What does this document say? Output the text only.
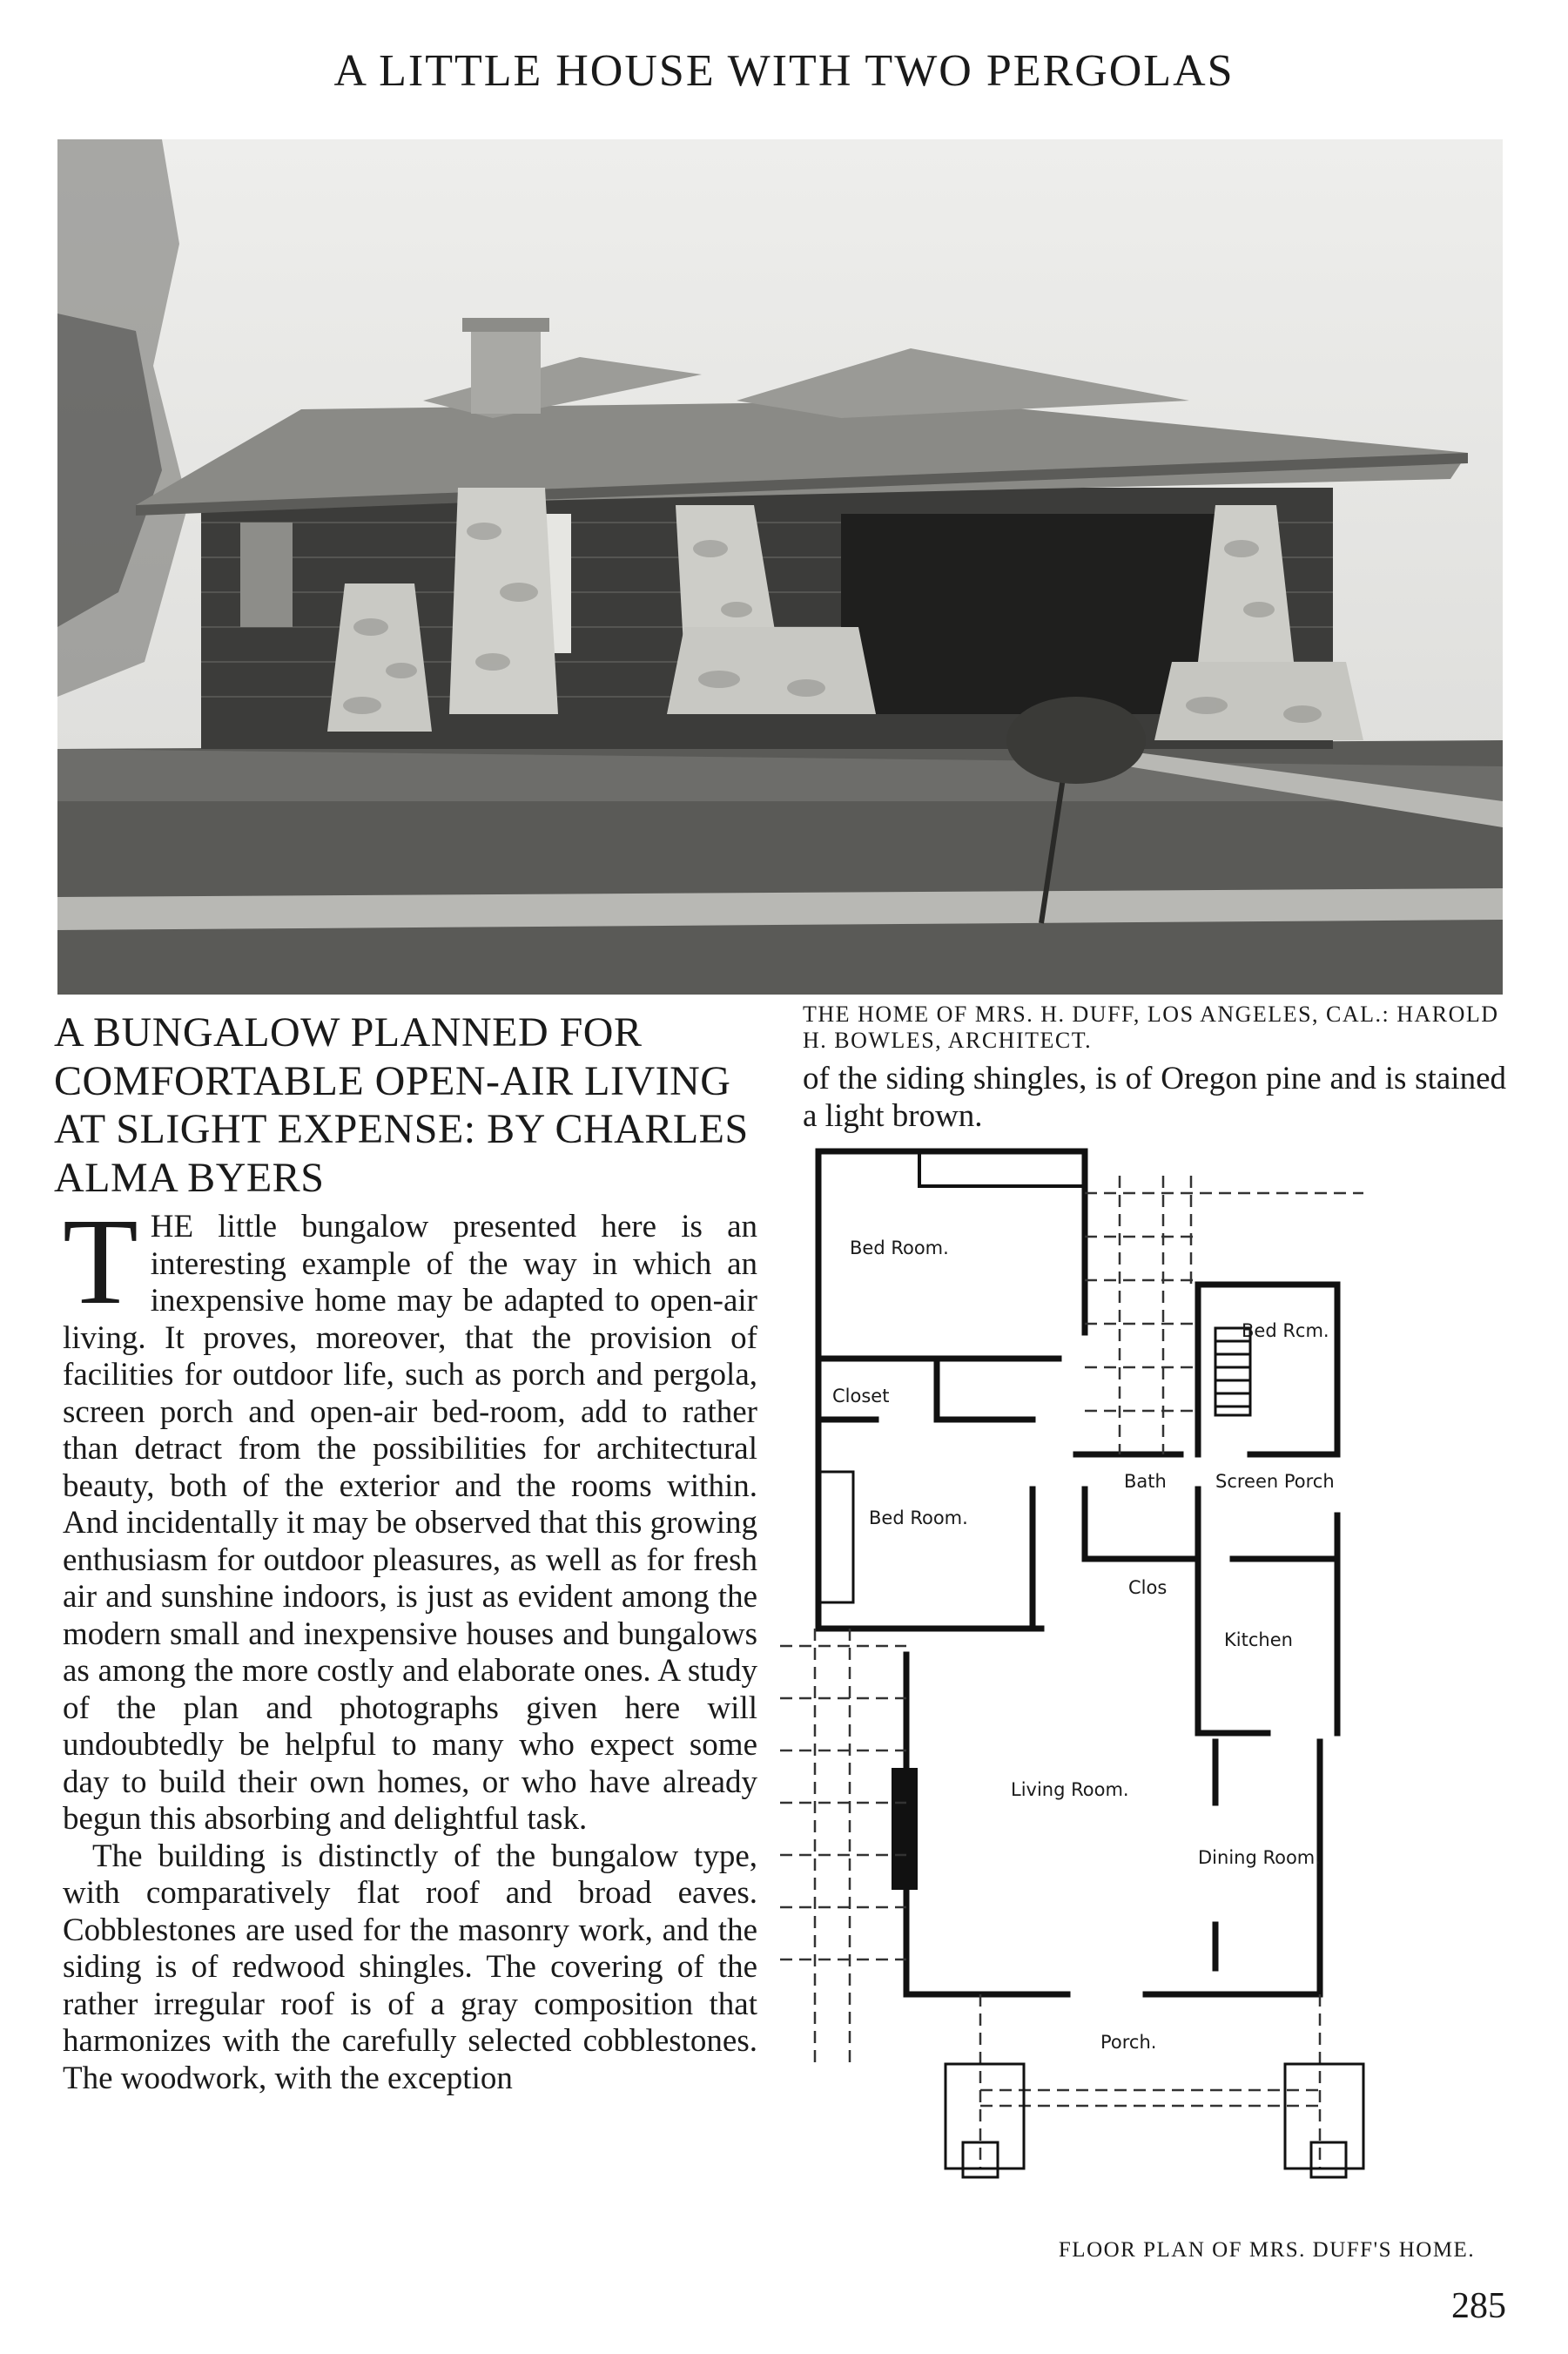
A LITTLE HOUSE WITH TWO PERGOLAS
A BUNGALOW PLANNED FOR COMFORTABLE OPEN-AIR LIVING AT SLIGHT EXPENSE: BY CHARLES ALMA BYERS

THE little bungalow presented here is an interesting example of the way in which an inexpensive home may be adapted to open-air living. It proves, moreover, that the provision of facilities for outdoor life, such as porch and pergola, screen porch and open-air bed-room, add to rather than detract from the possibilities for architectural beauty, both of the exterior and the rooms within. And incidentally it may be observed that this growing enthusiasm for outdoor pleasures, as well as for fresh air and sunshine indoors, is just as evident among the modern small and inexpensive houses and bungalows as among the more costly and elaborate ones. A study of the plan and photographs given here will undoubtedly be helpful to many who expect some day to build their own homes, or who have already begun this absorbing and delightful task.

The building is distinctly of the bungalow type, with comparatively flat roof and broad eaves. Cobblestones are used for the masonry work, and the siding is of redwood shingles. The covering of the rather irregular roof is of a gray composition that harmonizes with the carefully selected cobblestones. The woodwork, with the exception

THE HOME OF MRS. H. DUFF, LOS ANGELES, CAL.: HAROLD H. BOWLES, ARCHITECT.
of the siding shingles, is of Oregon pine and is stained a light brown.
Bed Room.
Closet
Bed Room.
Bed Rcm.
Bath	Screen Porch
Clos
Kitchen
Living Room.
Dining Room.
Porch.
FLOOR PLAN OF MRS. DUFF'S HOME.
285
